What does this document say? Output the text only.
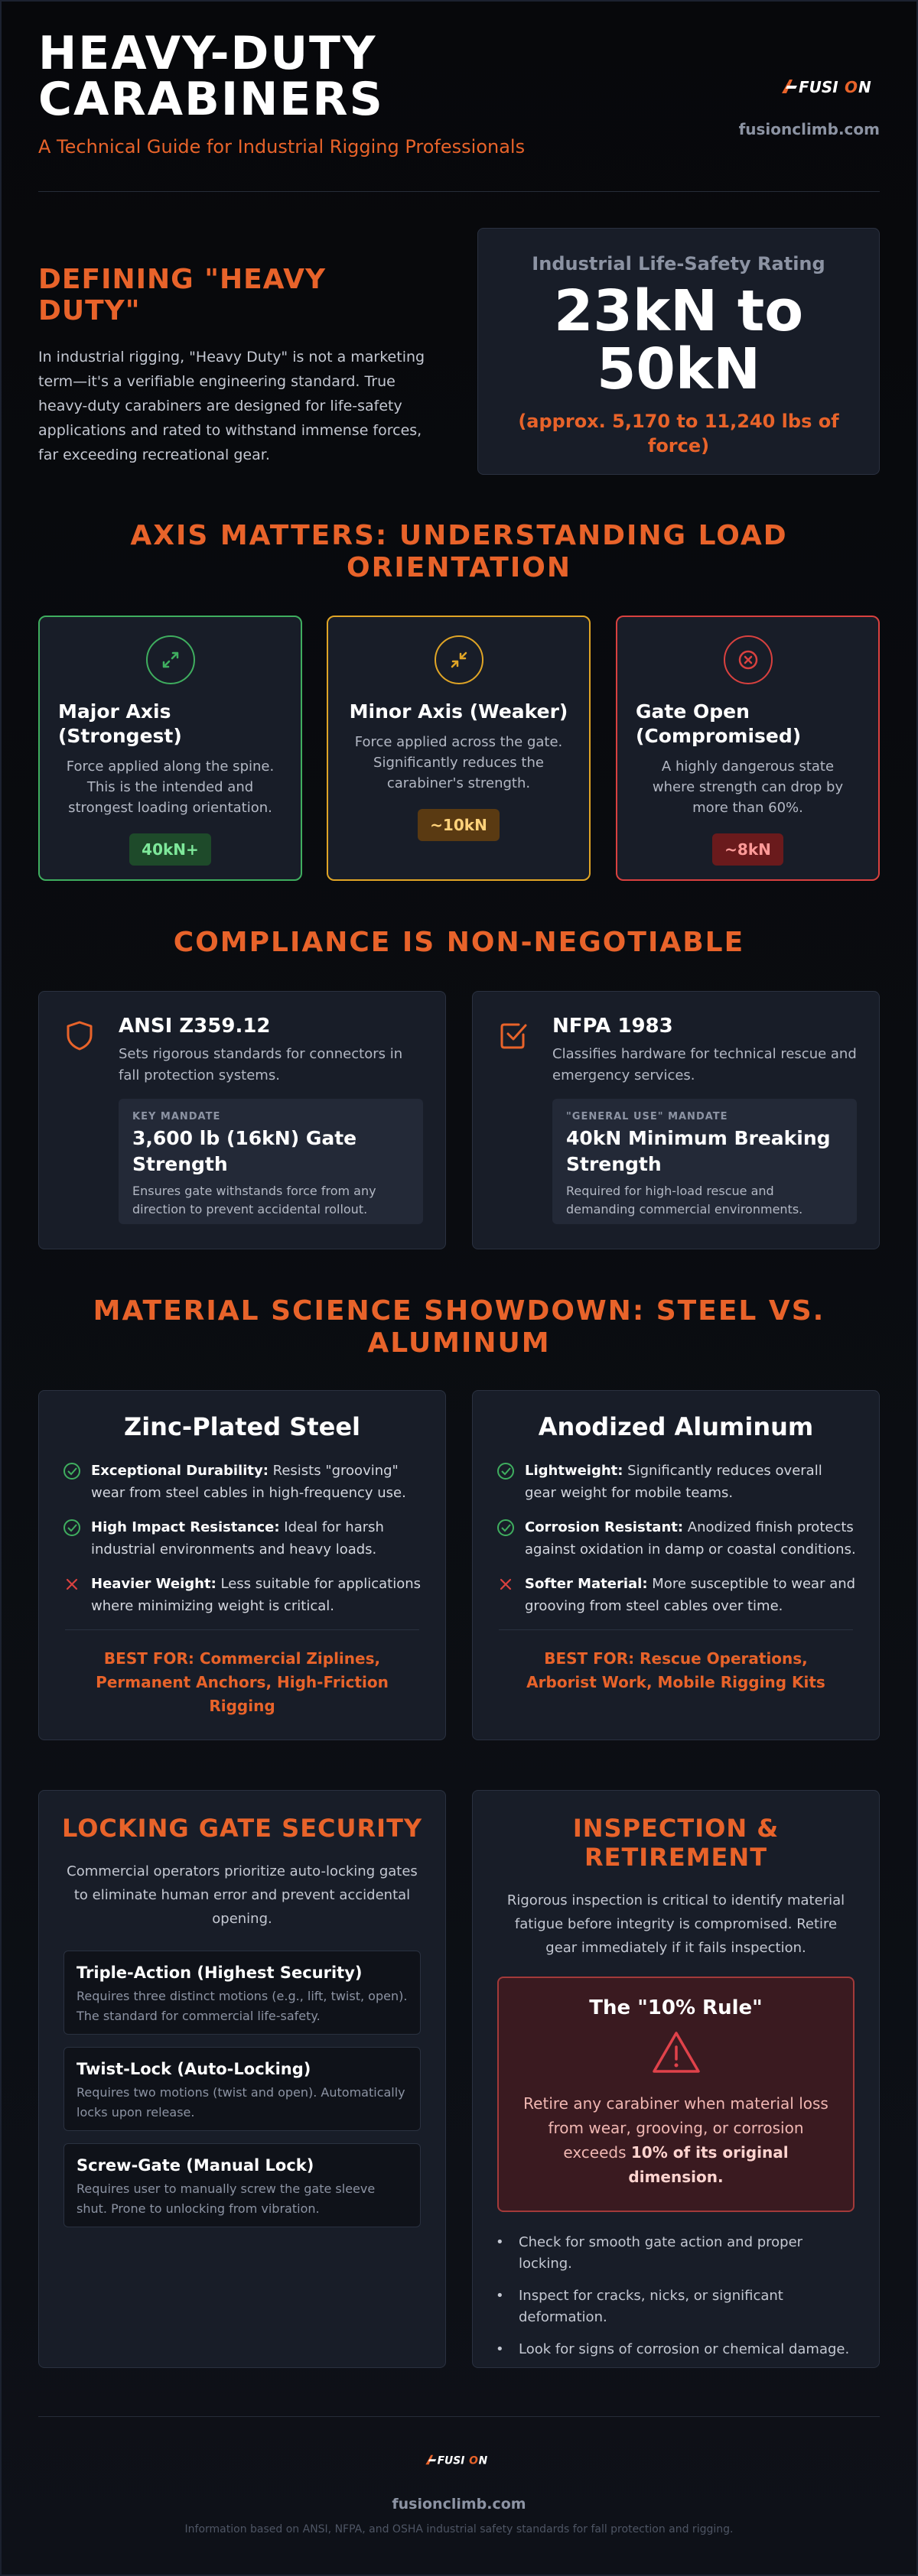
HEAVY-DUTY CARABINERS
A Technical Guide for Industrial Rigging Professionals
FUSI O N
fusionclimb.com
DEFINING "HEAVY DUTY"
In industrial rigging, "Heavy Duty" is not a marketing term—it's a verifiable engineering standard. True heavy-duty carabiners are designed for life-safety applications and rated to withstand immense forces, far exceeding recreational gear.
Industrial Life-Safety Rating
23kN to 50kN
(approx. 5,170 to 11,240 lbs of force)
AXIS MATTERS: UNDERSTANDING LOAD ORIENTATION
Major Axis (Strongest)
Force applied along the spine. This is the intended and strongest loading orientation.
40kN+
Minor Axis (Weaker)
Force applied across the gate. Significantly reduces the carabiner's strength.
~10kN
Gate Open (Compromised)
A highly dangerous state where strength can drop by more than 60%.
~8kN
COMPLIANCE IS NON-NEGOTIABLE
ANSI Z359.12
Sets rigorous standards for connectors in fall protection systems.
KEY MANDATE
3,600 lb (16kN) Gate Strength
Ensures gate withstands force from any direction to prevent accidental rollout.
NFPA 1983
Classifies hardware for technical rescue and emergency services.
"GENERAL USE" MANDATE
40kN Minimum Breaking Strength
Required for high-load rescue and demanding commercial environments.
MATERIAL SCIENCE SHOWDOWN: STEEL VS. ALUMINUM
Zinc-Plated Steel
Exceptional Durability: Resists "grooving" wear from steel cables in high-frequency use.
High Impact Resistance: Ideal for harsh industrial environments and heavy loads.
Heavier Weight: Less suitable for applications where minimizing weight is critical.
BEST FOR: Commercial Ziplines, Permanent Anchors, High-Friction Rigging
Anodized Aluminum
Lightweight: Significantly reduces overall gear weight for mobile teams.
Corrosion Resistant: Anodized finish protects against oxidation in damp or coastal conditions.
Softer Material: More susceptible to wear and grooving from steel cables over time.
BEST FOR: Rescue Operations, Arborist Work, Mobile Rigging Kits
LOCKING GATE SECURITY
Commercial operators prioritize auto-locking gates to eliminate human error and prevent accidental opening.
Triple-Action (Highest Security)
Requires three distinct motions (e.g., lift, twist, open). The standard for commercial life-safety.
Twist-Lock (Auto-Locking)
Requires two motions (twist and open). Automatically locks upon release.
Screw-Gate (Manual Lock)
Requires user to manually screw the gate sleeve shut. Prone to unlocking from vibration.
INSPECTION & RETIREMENT
Rigorous inspection is critical to identify material fatigue before integrity is compromised. Retire gear immediately if it fails inspection.
The "10% Rule"
Retire any carabiner when material loss from wear, grooving, or corrosion exceeds 10% of its original dimension.
• Check for smooth gate action and proper locking.
• Inspect for cracks, nicks, or significant deformation.
• Look for signs of corrosion or chemical damage.
FUSI O N
fusionclimb.com
Information based on ANSI, NFPA, and OSHA industrial safety standards for fall protection and rigging.
